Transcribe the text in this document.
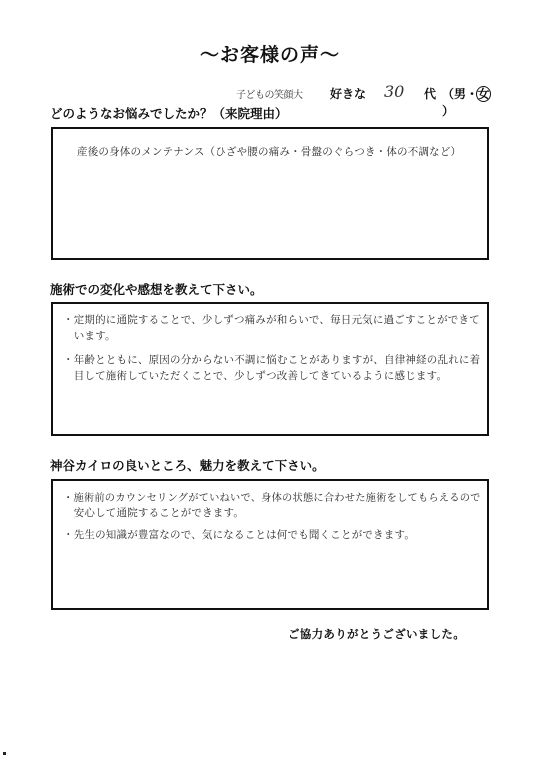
〜お客様の声〜
子どもの笑顔大 好きな 30 代 （男・女）
どのようなお悩みでしたか？（来院理由）
産後の身体のメンテナンス（ひざや腰の痛み・骨盤のぐらつき・体の不調など）
施術での変化や感想を教えて下さい。
・定期的に通院することで、少しずつ痛みが和らいで、毎日元気に過ごすことができて
　います。
・年齢とともに、原因の分からない不調に悩むことがありますが、自律神経の乱れに着
　目して施術していただくことで、少しずつ改善してきているように感じます。
神谷カイロの良いところ、魅力を教えて下さい。
・施術前のカウンセリングがていねいで、身体の状態に合わせた施術をしてもらえるので
　安心して通院することができます。
・先生の知識が豊富なので、気になることは何でも聞くことができます。
ご協力ありがとうございました。
